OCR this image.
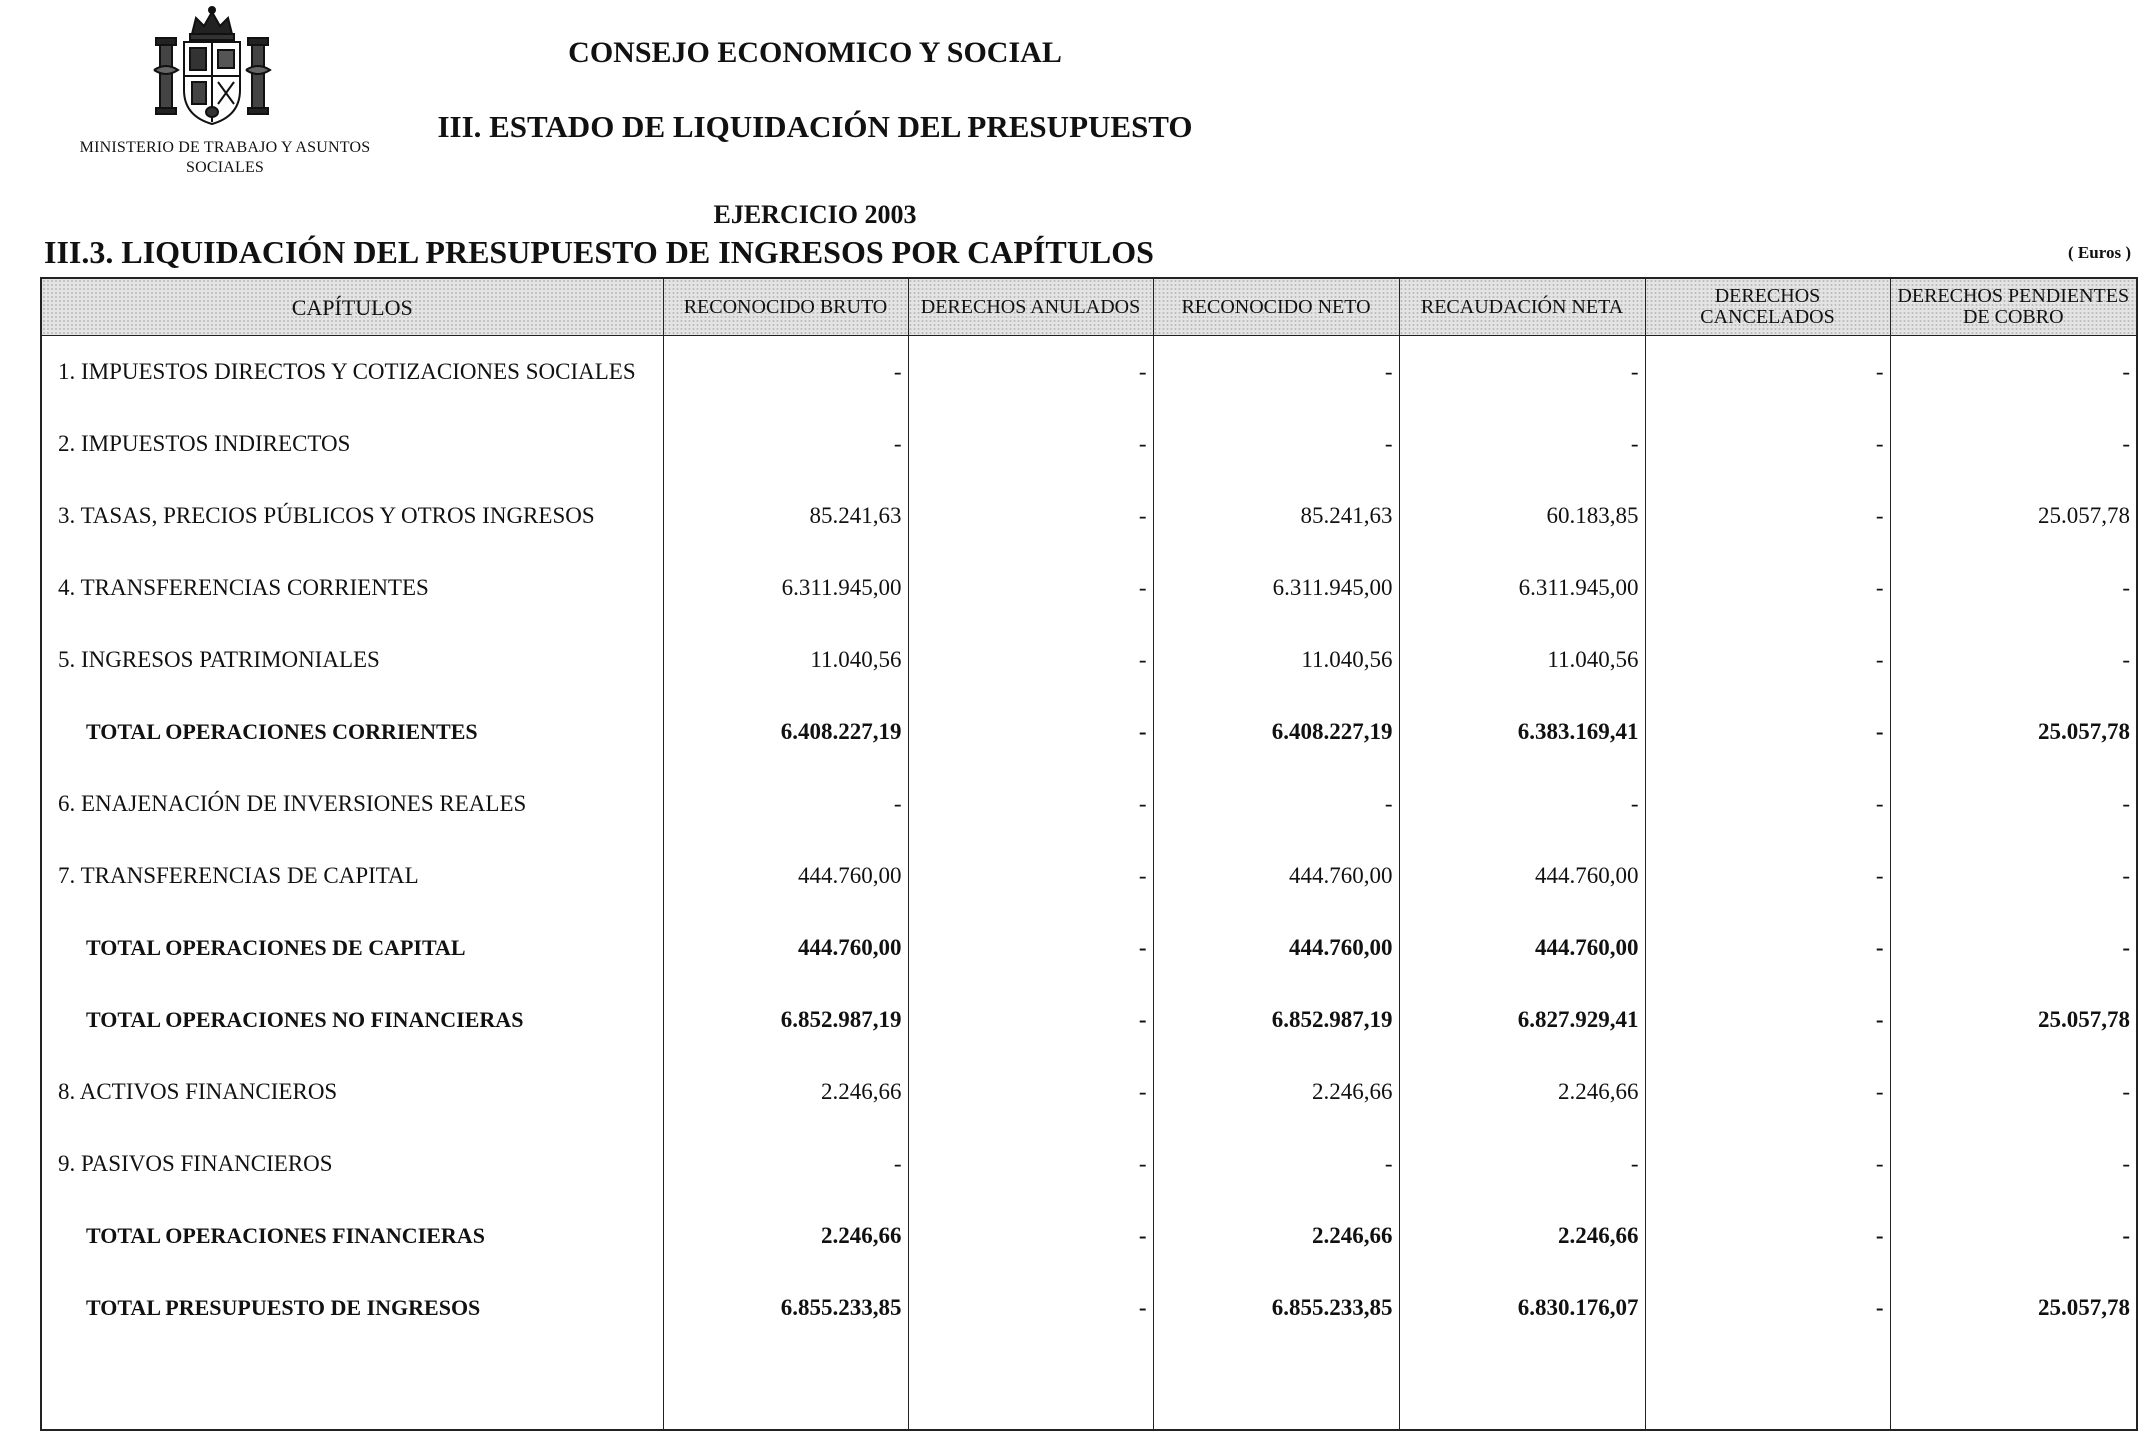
MINISTERIO DE TRABAJO Y ASUNTOS
SOCIALES
CONSEJO ECONOMICO Y SOCIAL
III. ESTADO DE LIQUIDACIÓN DEL PRESUPUESTO
EJERCICIO 2003
III.3. LIQUIDACIÓN DEL PRESUPUESTO DE INGRESOS POR CAPÍTULOS	( Euros )
CAPÍTULOS	RECONOCIDO BRUTO	DERECHOS ANULADOS	RECONOCIDO NETO	RECAUDACIÓN NETA	DERECHOS CANCELADOS	DERECHOS PENDIENTES DE COBRO
1. IMPUESTOS DIRECTOS Y COTIZACIONES SOCIALES	-	-	-	-	-	-
2. IMPUESTOS INDIRECTOS	-	-	-	-	-	-
3. TASAS, PRECIOS PÚBLICOS Y OTROS INGRESOS	85.241,63	-	85.241,63	60.183,85	-	25.057,78
4. TRANSFERENCIAS CORRIENTES	6.311.945,00	-	6.311.945,00	6.311.945,00	-	-
5. INGRESOS PATRIMONIALES	11.040,56	-	11.040,56	11.040,56	-	-
TOTAL OPERACIONES CORRIENTES	6.408.227,19	-	6.408.227,19	6.383.169,41	-	25.057,78
6. ENAJENACIÓN DE INVERSIONES REALES	-	-	-	-	-	-
7. TRANSFERENCIAS DE CAPITAL	444.760,00	-	444.760,00	444.760,00	-	-
TOTAL OPERACIONES DE CAPITAL	444.760,00	-	444.760,00	444.760,00	-	-
TOTAL OPERACIONES NO FINANCIERAS	6.852.987,19	-	6.852.987,19	6.827.929,41	-	25.057,78
8. ACTIVOS FINANCIEROS	2.246,66	-	2.246,66	2.246,66	-	-
9. PASIVOS FINANCIEROS	-	-	-	-	-	-
TOTAL OPERACIONES FINANCIERAS	2.246,66	-	2.246,66	2.246,66	-	-
TOTAL PRESUPUESTO DE INGRESOS	6.855.233,85	-	6.855.233,85	6.830.176,07	-	25.057,78
